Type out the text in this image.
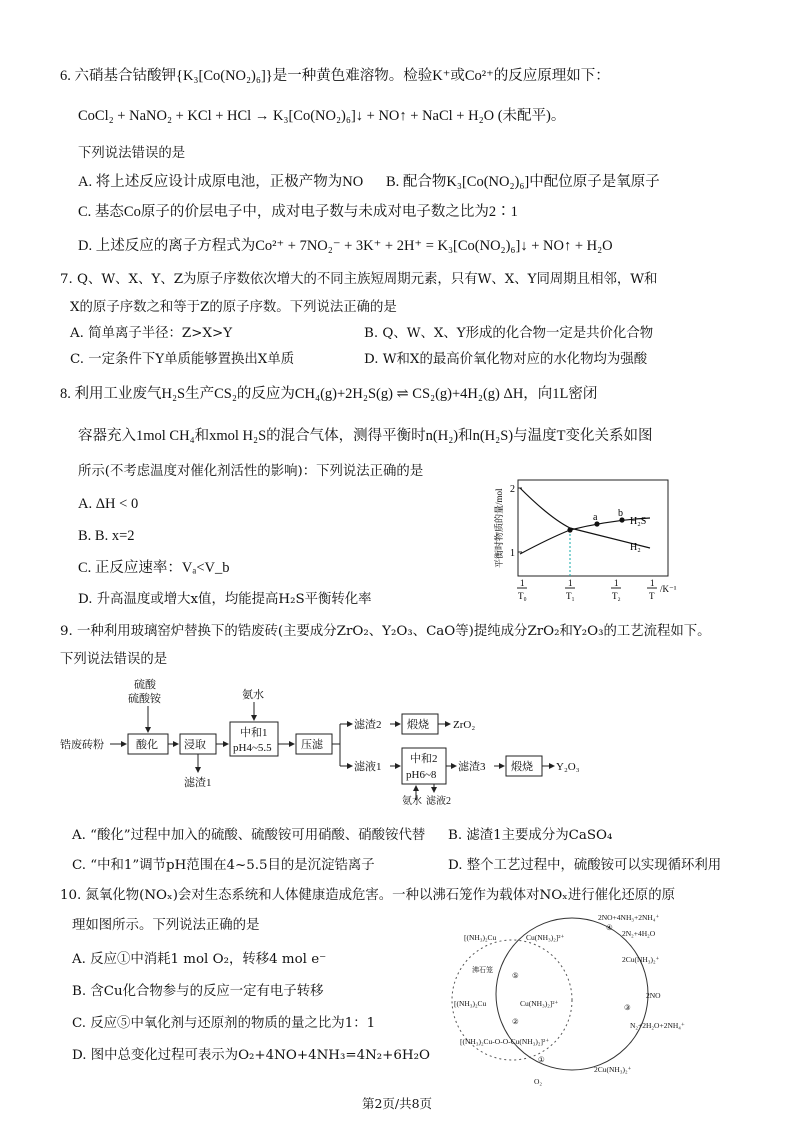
6. 六硝基合钴酸钾{K₃[Co(NO₂)₆]}是一种黄色难溶物。检验K⁺或Co²⁺的反应原理如下：
CoCl₂ + NaNO₂ + KCl + HCl → K₃[Co(NO₂)₆]↓ + NO↑ + NaCl + H₂O (未配平)。
下列说法错误的是
A. 将上述反应设计成原电池，正极产物为NO B. 配合物K₃[Co(NO₂)₆]中配位原子是氧原子
C. 基态Co原子的价层电子中，成对电子数与未成对电子数之比为2∶1
D. 上述反应的离子方程式为Co²⁺ + 7NO₂⁻ + 3K⁺ + 2H⁺ = K₃[Co(NO₂)₆]↓ + NO↑ + H₂O
7. Q、W、X、Y、Z为原子序数依次增大的不同主族短周期元素，只有W、X、Y同周期且相邻，W和
X的原子序数之和等于Z的原子序数。下列说法正确的是
A. 简单离子半径：Z>X>Y	B. Q、W、X、Y形成的化合物一定是共价化合物
C. 一定条件下Y单质能够置换出X单质	D. W和X的最高价氧化物对应的水化物均为强酸
8. 利用工业废气H₂S生产CS₂的反应为CH₄(g)+2H₂S(g) ⇌ CS₂(g)+4H₂(g) ΔH，向1L密闭
容器充入1mol CH₄和xmol H₂S的混合气体，测得平衡时n(H₂)和n(H₂S)与温度T变化关系如图
所示(不考虑温度对催化剂活性的影响)：下列说法正确的是
A. ΔH < 0
B. B. x=2
C. 正反应速率：Vₐ<V_b
D. 升高温度或增大x值，均能提高H₂S平衡转化率
2
1
平衡时物质的量/mol	a b
H₂S
H₂
1
T₀
1
T₁
1
T₂
1
T
/K⁻¹
9. 一种利用玻璃窑炉替换下的锆废砖(主要成分ZrO₂、Y₂O₃、CaO等)提纯成分ZrO₂和Y₂O₃的工艺流程如下。
下列说法错误的是
锆废砖粉
硫酸
硫酸铵
酸化 浸取
滤渣1
氨水
中和1
pH4~5.5	压滤
滤渣2 煅烧 ZrO₂
滤液1
中和2
pH6~8
氨水 滤液2
滤渣3 煅烧 Y₂O₃
A. “酸化”过程中加入的硫酸、硫酸铵可用硝酸、硝酸铵代替 B. 滤渣1主要成分为CaSO₄
C. “中和1”调节pH范围在4~5.5目的是沉淀锆离子	D. 整个工艺过程中，硫酸铵可以实现循环利用
10. 氮氧化物(NOₓ)会对生态系统和人体健康造成危害。一种以沸石笼作为载体对NOₓ进行催化还原的原
理如图所示。下列说法正确的是
A. 反应①中消耗1 mol O₂，转移4 mol e⁻
B. 含Cu化合物参与的反应一定有电子转移
C. 反应⑤中氧化剂与还原剂的物质的量之比为1：1
D. 图中总变化过程可表示为O₂+4NO+4NH₃=4N₂+6H₂O
2NO+4NH₃+2NH₄⁺
2N₂+4H₂O
④
2Cu(NH₃)₂⁺
2NO
③
N₂+2H₂O+2NH₄⁺
2Cu(NH₃)₂⁺
①
O₂
[(NH₃)₂Cu	Cu(NH₃)₂]²⁺
⑤
[(NH₃)₂Cu	Cu(NH₃)₂]²⁺
②
[(NH₃)₂Cu-O-O-Cu(NH₃)₂]²⁺
沸石笼
第2页/共8页
